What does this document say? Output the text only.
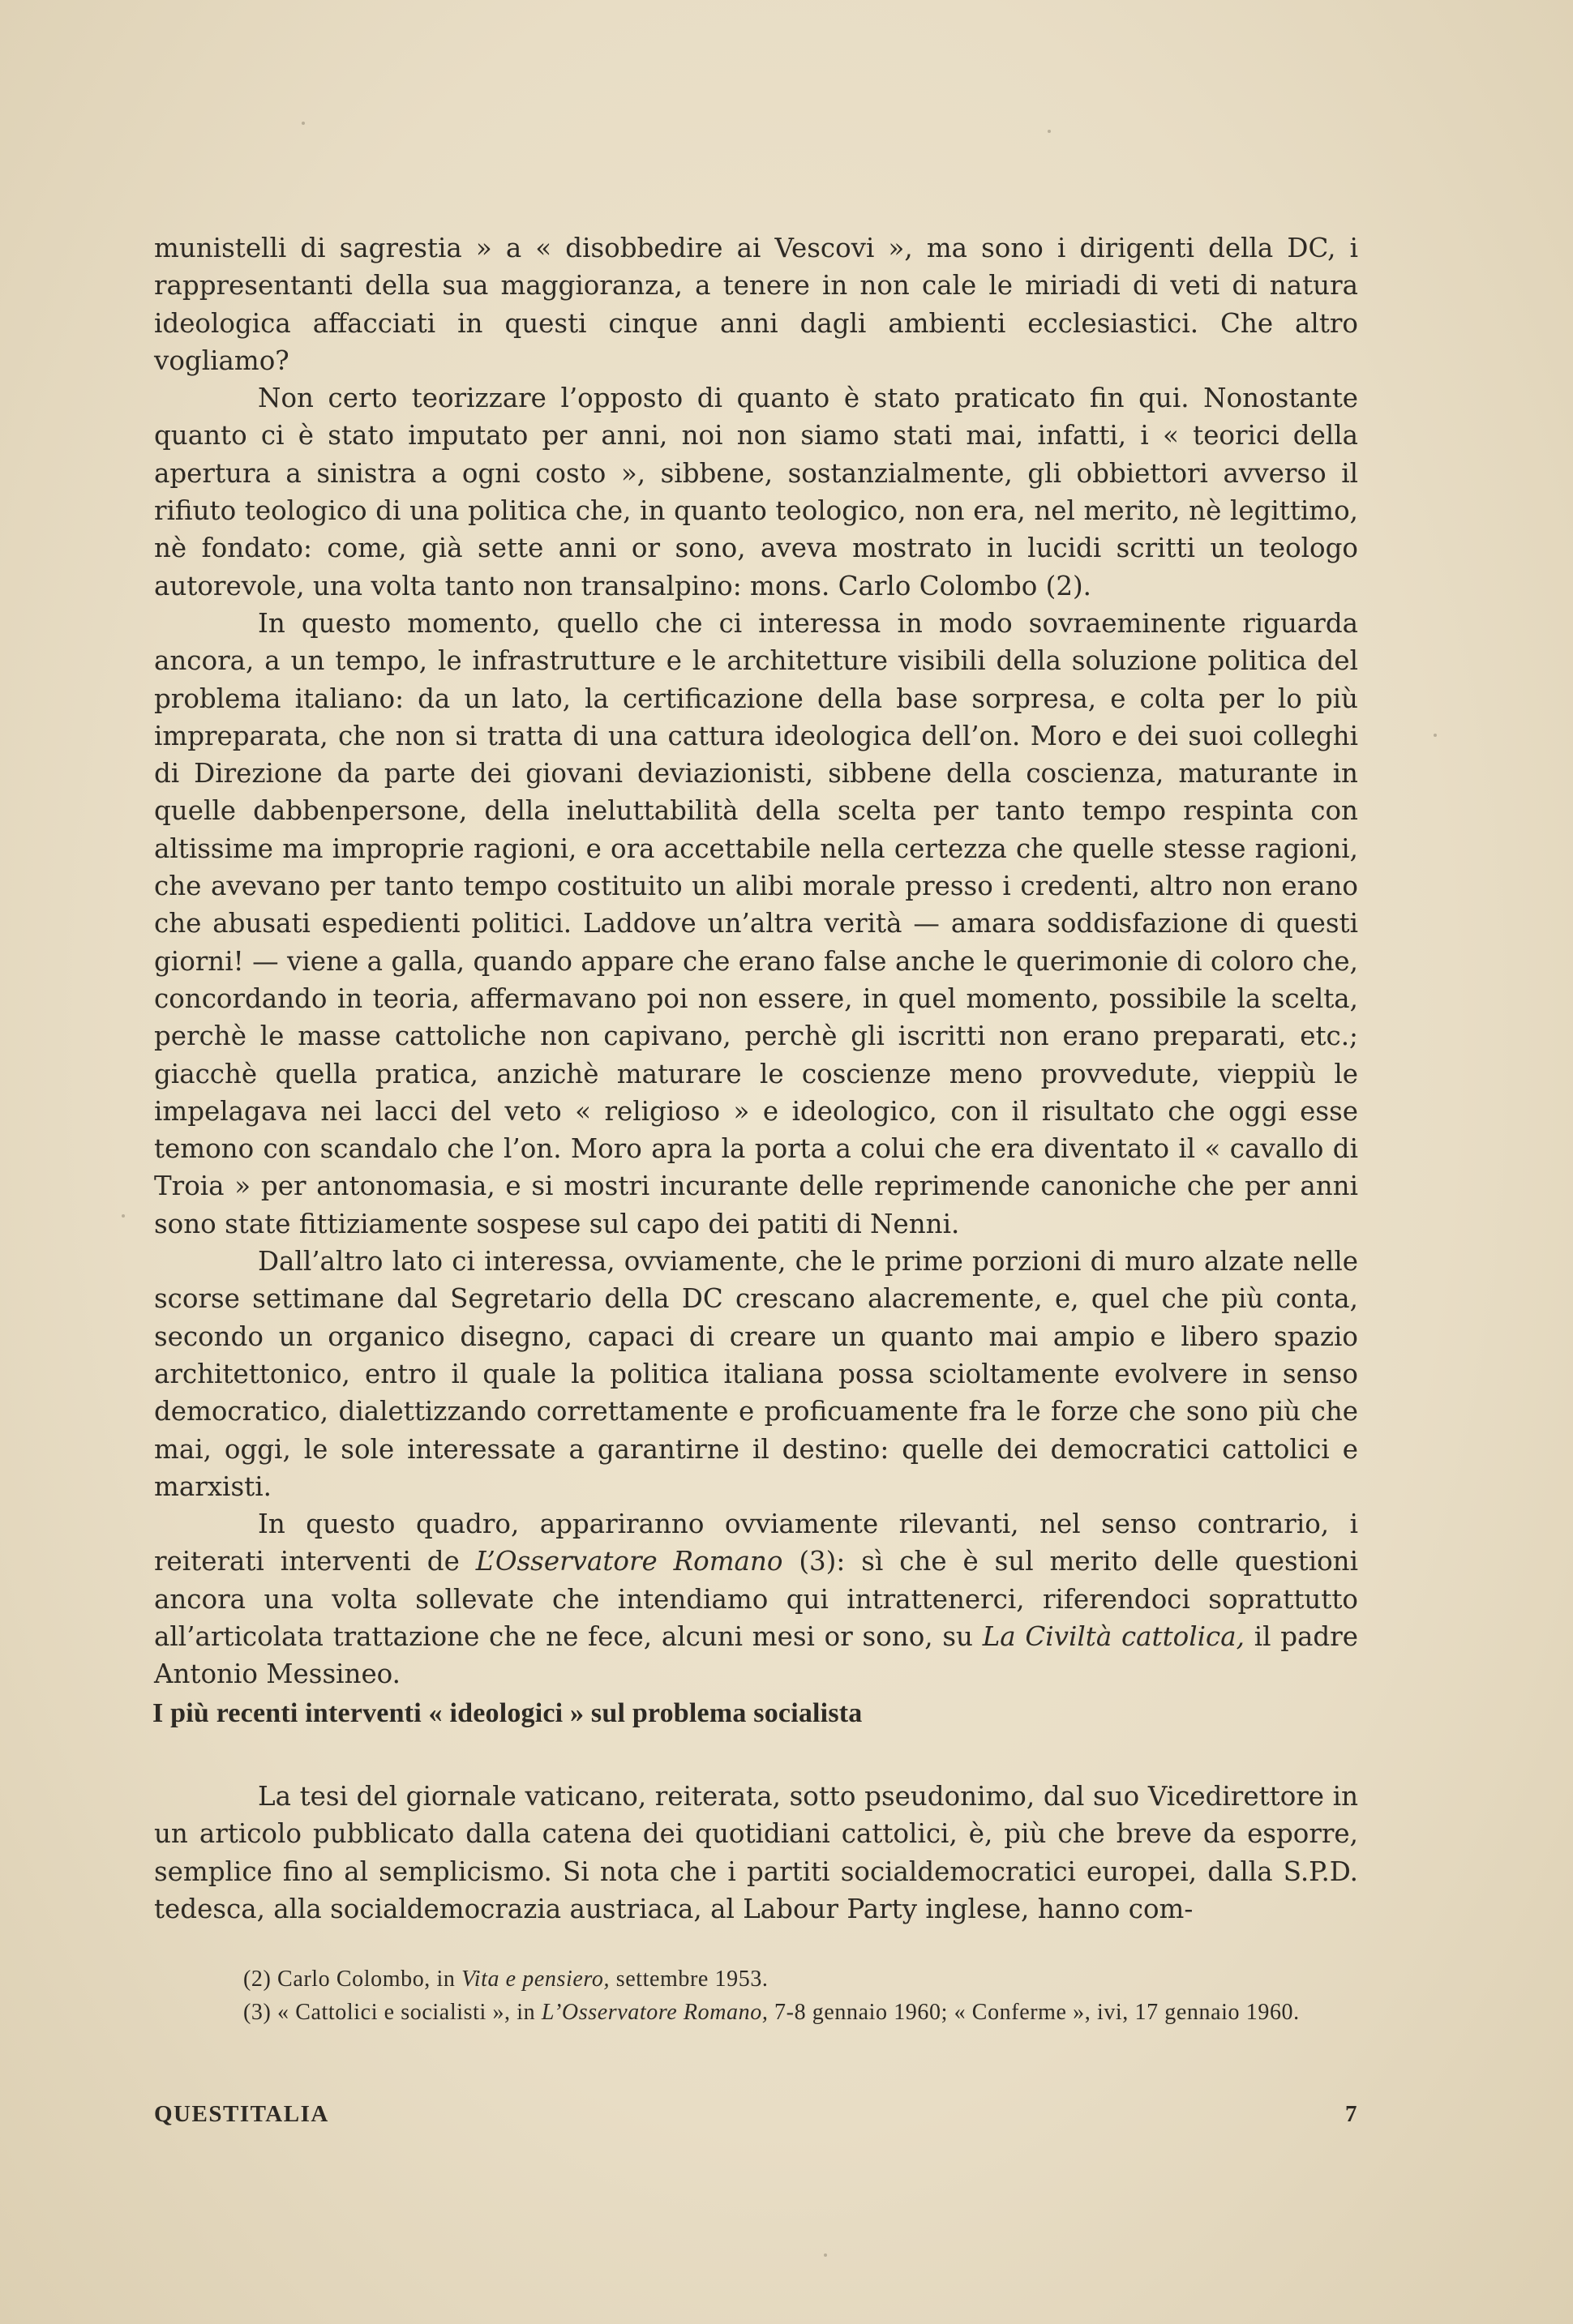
munistelli di sagrestia » a « disobbedire ai Vescovi », ma sono i dirigenti della DC, i rappresentanti della sua maggioranza, a tenere in non cale le miriadi di veti di natura ideologica affacciati in questi cinque anni dagli ambienti ecclesiastici. Che altro vogliamo?

Non certo teorizzare l’opposto di quanto è stato praticato fin qui. Nonostante quanto ci è stato imputato per anni, noi non siamo stati mai, infatti, i « teorici della apertura a sinistra a ogni costo », sibbene, sostanzialmente, gli obbiettori avverso il rifiuto teologico di una politica che, in quanto teologico, non era, nel merito, nè legittimo, nè fondato: come, già sette anni or sono, aveva mostrato in lucidi scritti un teologo autorevole, una volta tanto non transalpino: mons. Carlo Colombo (2).

In questo momento, quello che ci interessa in modo sovraeminente riguarda ancora, a un tempo, le infrastrutture e le architetture visibili della soluzione politica del problema italiano: da un lato, la certificazione della base sorpresa, e colta per lo più impreparata, che non si tratta di una cattura ideologica dell’on. Moro e dei suoi colleghi di Direzione da parte dei giovani deviazionisti, sibbene della coscienza, maturante in quelle dabbenpersone, della ineluttabilità della scelta per tanto tempo respinta con altissime ma improprie ragioni, e ora accettabile nella certezza che quelle stesse ragioni, che avevano per tanto tempo costituito un alibi morale presso i credenti, altro non erano che abusati espedienti politici. Laddove un’altra verità — amara soddisfazione di questi giorni! — viene a galla, quando appare che erano false anche le querimonie di coloro che, concordando in teoria, affermavano poi non essere, in quel momento, possibile la scelta, perchè le masse cattoliche non capivano, perchè gli iscritti non erano preparati, etc.; giacchè quella pratica, anzichè maturare le coscienze meno provvedute, vieppiù le impelagava nei lacci del veto « religioso » e ideologico, con il risultato che oggi esse temono con scandalo che l’on. Moro apra la porta a colui che era diventato il « cavallo di Troia » per antonomasia, e si mostri incurante delle reprimende canoniche che per anni sono state fittiziamente sospese sul capo dei patiti di Nenni.

Dall’altro lato ci interessa, ovviamente, che le prime porzioni di muro alzate nelle scorse settimane dal Segretario della DC crescano alacremente, e, quel che più conta, secondo un organico disegno, capaci di creare un quanto mai ampio e libero spazio architettonico, entro il quale la politica italiana possa scioltamente evolvere in senso democratico, dialettizzando correttamente e proficuamente fra le forze che sono più che mai, oggi, le sole interessate a garantirne il destino: quelle dei democratici cattolici e marxisti.

In questo quadro, appariranno ovviamente rilevanti, nel senso contrario, i reiterati interventi de L’Osservatore Romano (3): sì che è sul merito delle questioni ancora una volta sollevate che intendiamo qui intrattenerci, riferendoci soprattutto all’articolata trattazione che ne fece, alcuni mesi or sono, su La Civiltà cattolica, il padre Antonio Messineo.

I più recenti interventi « ideologici » sul problema socialista

La tesi del giornale vaticano, reiterata, sotto pseudonimo, dal suo Vicedirettore in un articolo pubblicato dalla catena dei quotidiani cattolici, è, più che breve da esporre, semplice fino al semplicismo. Si nota che i partiti socialdemocratici europei, dalla S.P.D. tedesca, alla socialdemocrazia austriaca, al Labour Party inglese, hanno com-

(2) Carlo Colombo, in Vita e pensiero, settembre 1953.

(3) « Cattolici e socialisti », in L’Osservatore Romano, 7-8 gennaio 1960; « Conferme », ivi, 17 gennaio 1960.

QUESTITALIA	7
